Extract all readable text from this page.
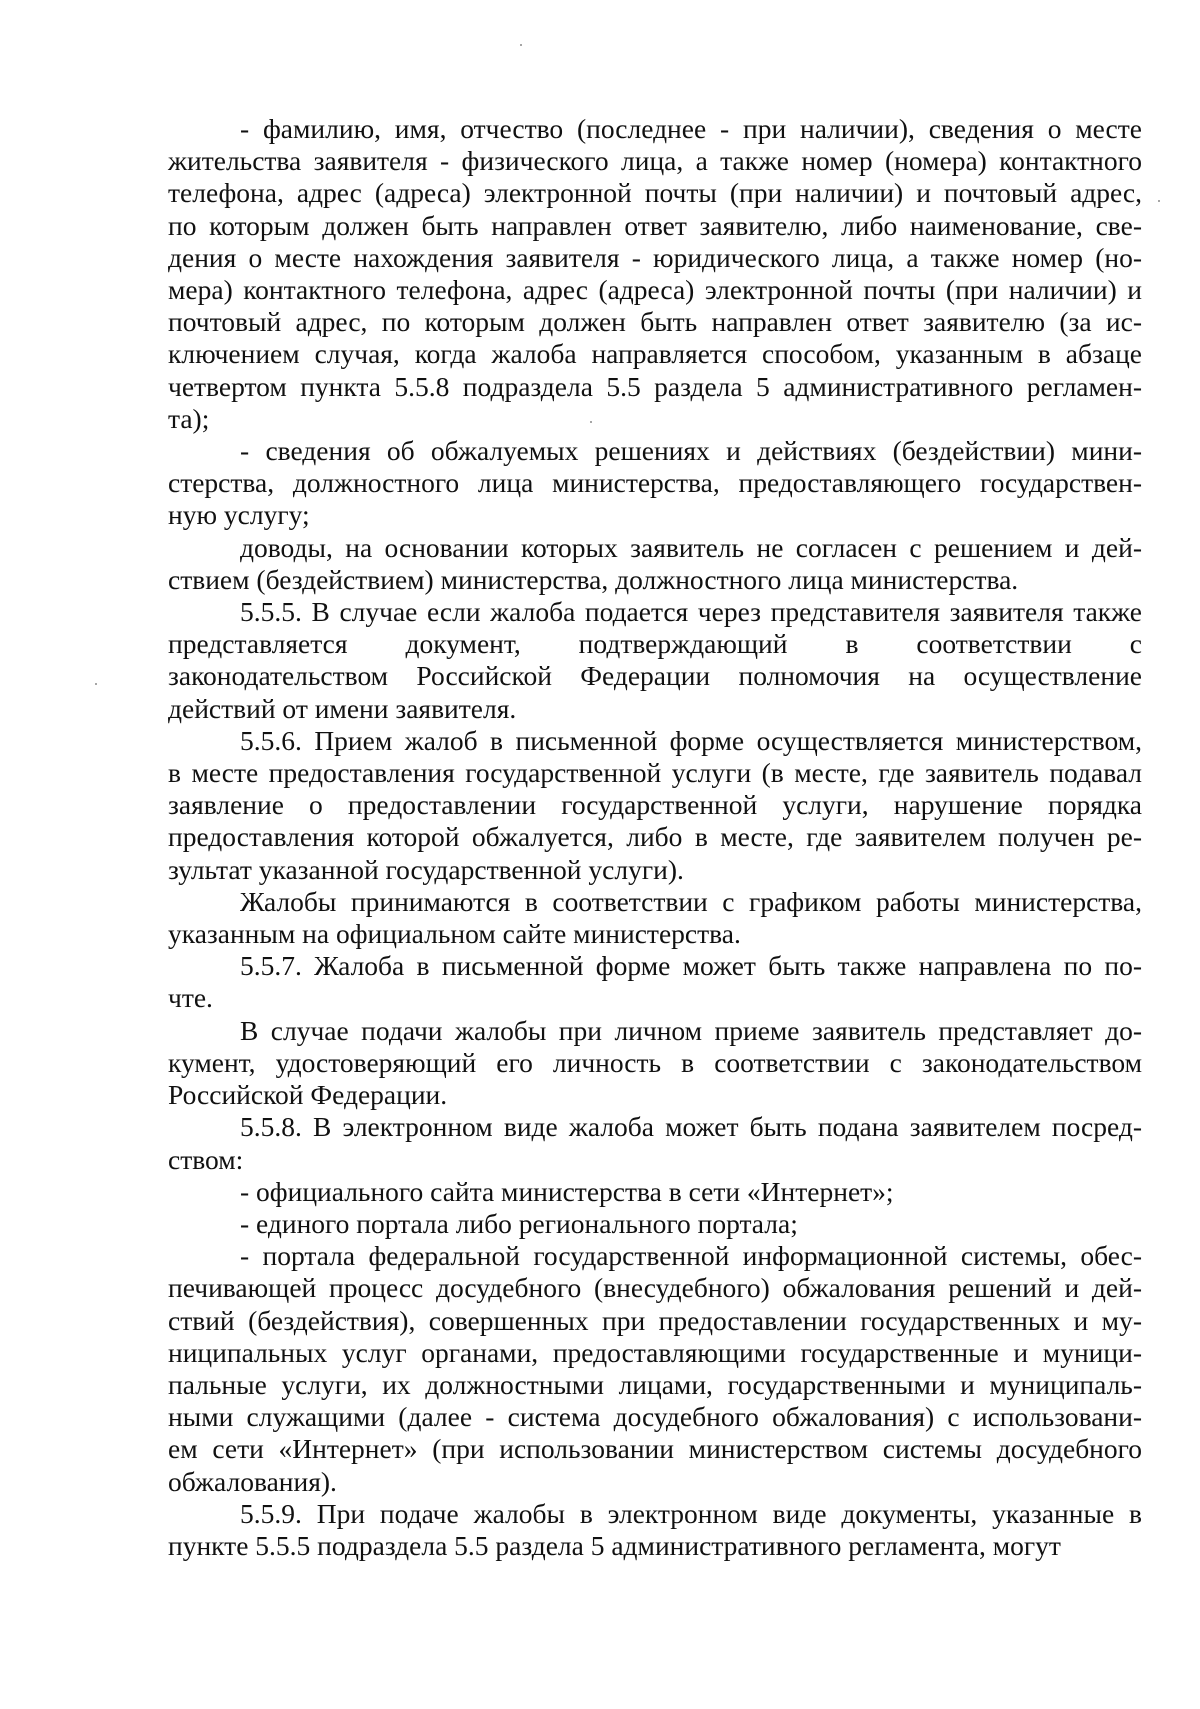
- фамилию, имя, отчество (последнее - при наличии), сведения о месте
жительства заявителя - физического лица, а также номер (номера) контактного
телефона, адрес (адреса) электронной почты (при наличии) и почтовый адрес,
по которым должен быть направлен ответ заявителю, либо наименование, све-
дения о месте нахождения заявителя - юридического лица, а также номер (но-
мера) контактного телефона, адрес (адреса) электронной почты (при наличии) и
почтовый адрес, по которым должен быть направлен ответ заявителю (за ис-
ключением случая, когда жалоба направляется способом, указанным в абзаце
четвертом пункта 5.5.8 подраздела 5.5 раздела 5 административного регламен-
та);

- сведения об обжалуемых решениях и действиях (бездействии) мини-
стерства, должностного лица министерства, предоставляющего государствен-
ную услугу;

доводы, на основании которых заявитель не согласен с решением и дей-
ствием (бездействием) министерства, должностного лица министерства.

5.5.5. В случае если жалоба подается через представителя заявителя также
представляется документ, подтверждающий в соответствии с
законодательством Российской Федерации полномочия на осуществление
действий от имени заявителя.

5.5.6. Прием жалоб в письменной форме осуществляется министерством,
в месте предоставления государственной услуги (в месте, где заявитель подавал
заявление о предоставлении государственной услуги, нарушение порядка
предоставления которой обжалуется, либо в месте, где заявителем получен ре-
зультат указанной государственной услуги).

Жалобы принимаются в соответствии с графиком работы министерства,
указанным на официальном сайте министерства.

5.5.7. Жалоба в письменной форме может быть также направлена по по-
чте.

В случае подачи жалобы при личном приеме заявитель представляет до-
кумент, удостоверяющий его личность в соответствии с законодательством
Российской Федерации.

5.5.8. В электронном виде жалоба может быть подана заявителем посред-
ством:

- официального сайта министерства в сети «Интернет»;

- единого портала либо регионального портала;

- портала федеральной государственной информационной системы, обес-
печивающей процесс досудебного (внесудебного) обжалования решений и дей-
ствий (бездействия), совершенных при предоставлении государственных и му-
ниципальных услуг органами, предоставляющими государственные и муници-
пальные услуги, их должностными лицами, государственными и муниципаль-
ными служащими (далее - система досудебного обжалования) с использовани-
ем сети «Интернет» (при использовании министерством системы досудебного
обжалования).

5.5.9. При подаче жалобы в электронном виде документы, указанные в
пункте 5.5.5 подраздела 5.5 раздела 5 административного регламента, могут
